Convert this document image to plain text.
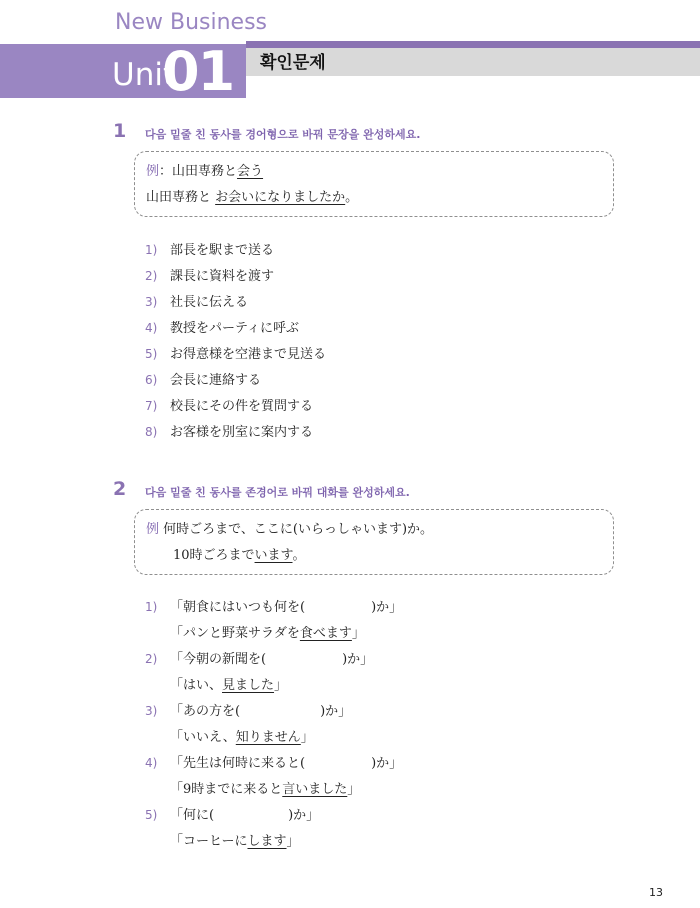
New Business
Unit
01 확인문제
1 다음 밑줄 친 동사를 경어형으로 바꿔 문장을 완성하세요.
例：山田専務と会う
山田専務と お会いになりましたか。
1) 部長を駅まで送る
2) 課長に資料を渡す
3) 社長に伝える
4) 教授をパーティに呼ぶ
5) お得意様を空港まで見送る
6) 会長に連絡する
7) 校長にその件を質問する
8) お客様を別室に案内する
2 다음 밑줄 친 동사를 존경어로 바꿔 대화를 완성하세요.
例 何時ごろまで、ここに(いらっしゃいます)か。
10時ごろまでいます。
1) 「朝食にはいつも何を(	)か」
「パンと野菜サラダを食べます」
2) 「今朝の新聞を(	)か」
「はい、見ました」
3) 「あの方を(	)か」
「いいえ、知りません」
4) 「先生は何時に来ると(	)か」
「9時までに来ると言いました」
5) 「何に(	)か」
「コーヒーにします」
13
